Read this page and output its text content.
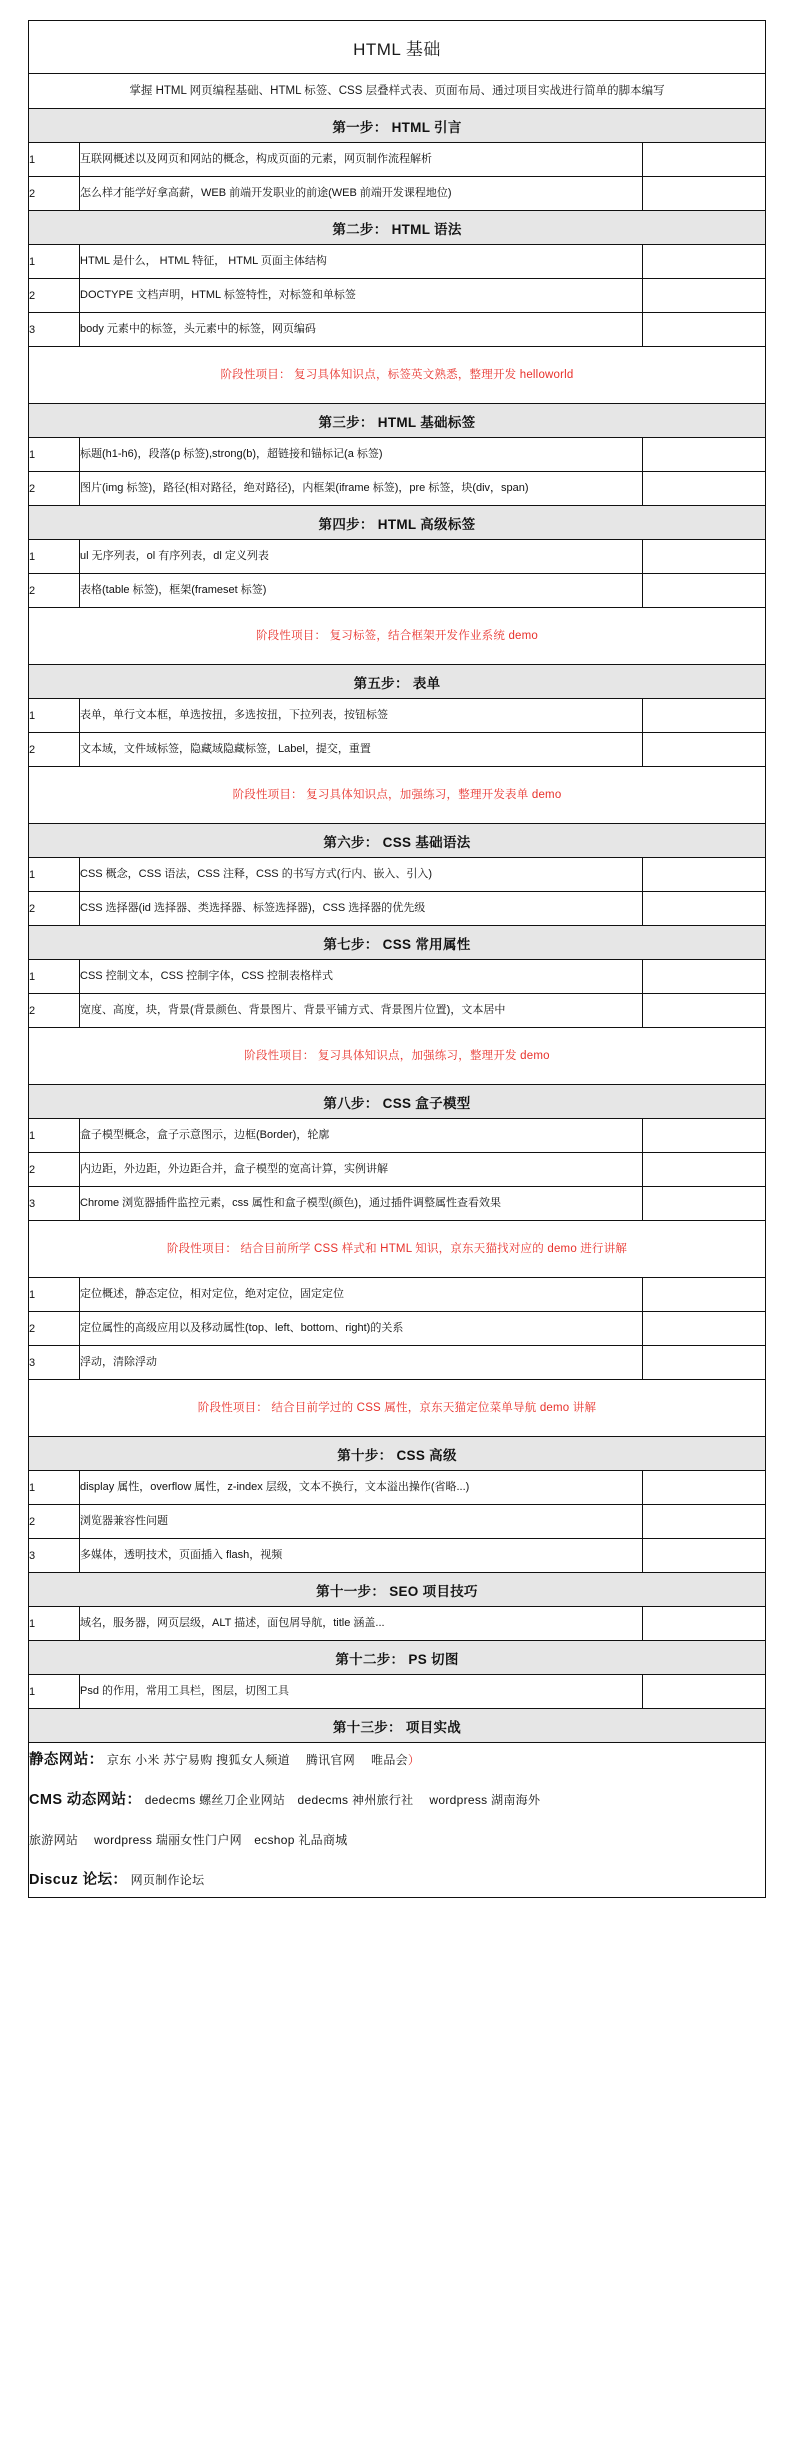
HTML 基础		
掌握 HTML 网页编程基础、HTML 标签、CSS 层叠样式表、页面布局、通过项目实战进行简单的脚本编写		
第一步： HTML 引言		
1	互联网概述以及网页和网站的概念，构成页面的元素，网页制作流程解析	
2	怎么样才能学好拿高薪，WEB 前端开发职业的前途(WEB 前端开发课程地位)	
第二步： HTML 语法		
1	HTML 是什么， HTML 特征， HTML 页面主体结构	
2	DOCTYPE 文档声明，HTML 标签特性，对标签和单标签	
3	body 元素中的标签，头元素中的标签，网页编码	
阶段性项目： 复习具体知识点，标签英文熟悉，整理开发 helloworld		
第三步： HTML 基础标签		
1	标题(h1-h6)，段落(p 标签),strong(b)，超链接和锚标记(a 标签)	
2	图片(img 标签)，路径(相对路径，绝对路径)，内框架(iframe 标签)，pre 标签，块(div，span)	
第四步： HTML 高级标签		
1	ul 无序列表，ol 有序列表，dl 定义列表	
2	表格(table 标签)，框架(frameset 标签)	
阶段性项目： 复习标签，结合框架开发作业系统 demo		
第五步： 表单		
1	表单，单行文本框，单选按扭，多选按扭，下拉列表，按钮标签	
2	文本域，文件域标签，隐藏域隐藏标签，Label，提交，重置	
阶段性项目： 复习具体知识点，加强练习，整理开发表单 demo		
第六步： CSS 基础语法		
1	CSS 概念，CSS 语法，CSS 注释，CSS 的书写方式(行内、嵌入、引入)	
2	CSS 选择器(id 选择器、类选择器、标签选择器)，CSS 选择器的优先级	
第七步： CSS 常用属性		
1	CSS 控制文本，CSS 控制字体，CSS 控制表格样式	
2	宽度、高度，块，背景(背景颜色、背景图片、背景平铺方式、背景图片位置)，文本居中	
阶段性项目： 复习具体知识点，加强练习，整理开发 demo		
第八步： CSS 盒子模型		
1	盒子模型概念，盒子示意图示，边框(Border)，轮廓	
2	内边距，外边距，外边距合并，盒子模型的宽高计算，实例讲解	
3	Chrome 浏览器插件监控元素，css 属性和盒子模型(颜色)，通过插件调整属性查看效果	
阶段性项目： 结合目前所学 CSS 样式和 HTML 知识，京东天猫找对应的 demo 进行讲解		
1	定位概述，静态定位，相对定位，绝对定位，固定定位	
2	定位属性的高级应用以及移动属性(top、left、bottom、right)的关系	
3	浮动，清除浮动	
阶段性项目： 结合目前学过的 CSS 属性，京东天猫定位菜单导航 demo 讲解		
第十步： CSS 高级		
1	display 属性，overflow 属性，z-index 层级，文本不换行，文本溢出操作(省略...)	
2	浏览器兼容性问题	
3	多媒体，透明技术，页面插入 flash，视频	
第十一步： SEO 项目技巧		
1	域名，服务器，网页层级，ALT 描述，面包屑导航，title 涵盖...	
第十二步： PS 切图		
1	Psd 的作用，常用工具栏，图层，切图工具	
第十三步： 项目实战		

静态网站： 京东 小米 苏宁易购 搜狐女人频道　 腾讯官网　 唯品会）
CMS 动态网站： dedecms 螺丝刀企业网站　dedecms 神州旅行社　 wordpress 湖南海外
旅游网站　 wordpress 瑞丽女性门户网　ecshop 礼品商城
Discuz 论坛： 网页制作论坛		
